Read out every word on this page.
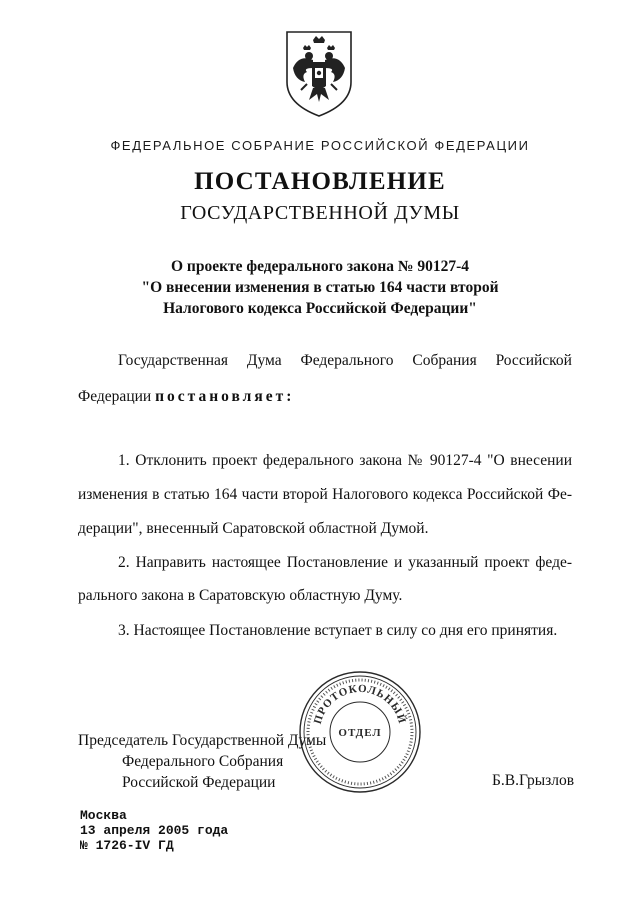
ФЕДЕРАЛЬНОЕ СОБРАНИЕ РОССИЙСКОЙ ФЕДЕРАЦИИ
ПОСТАНОВЛЕНИЕ
ГОСУДАРСТВЕННОЙ ДУМЫ
О проекте федерального закона № 90127-4
"О внесении изменения в статью 164 части второй
Налогового кодекса Российской Федерации"
Государственная Дума Федерального Собрания Российской
Федерации постановляет:
1. Отклонить проект федерального закона № 90127-4 "О внесении
изменения в статью 164 части второй Налогового кодекса Российской Фе-
дерации", внесенный Саратовской областной Думой.
2. Направить настоящее Постановление и указанный проект феде-
рального закона в Саратовскую областную Думу.
3. Настоящее Постановление вступает в силу со дня его принятия.
Председатель Государственной Думы
Федерального Собрания
Российской Федерации
ПРОТОКОЛЬНЫЙ
ОТДЕЛ
Б.В.Грызлов
Москва
13 апреля 2005 года
№ 1726-IV ГД
